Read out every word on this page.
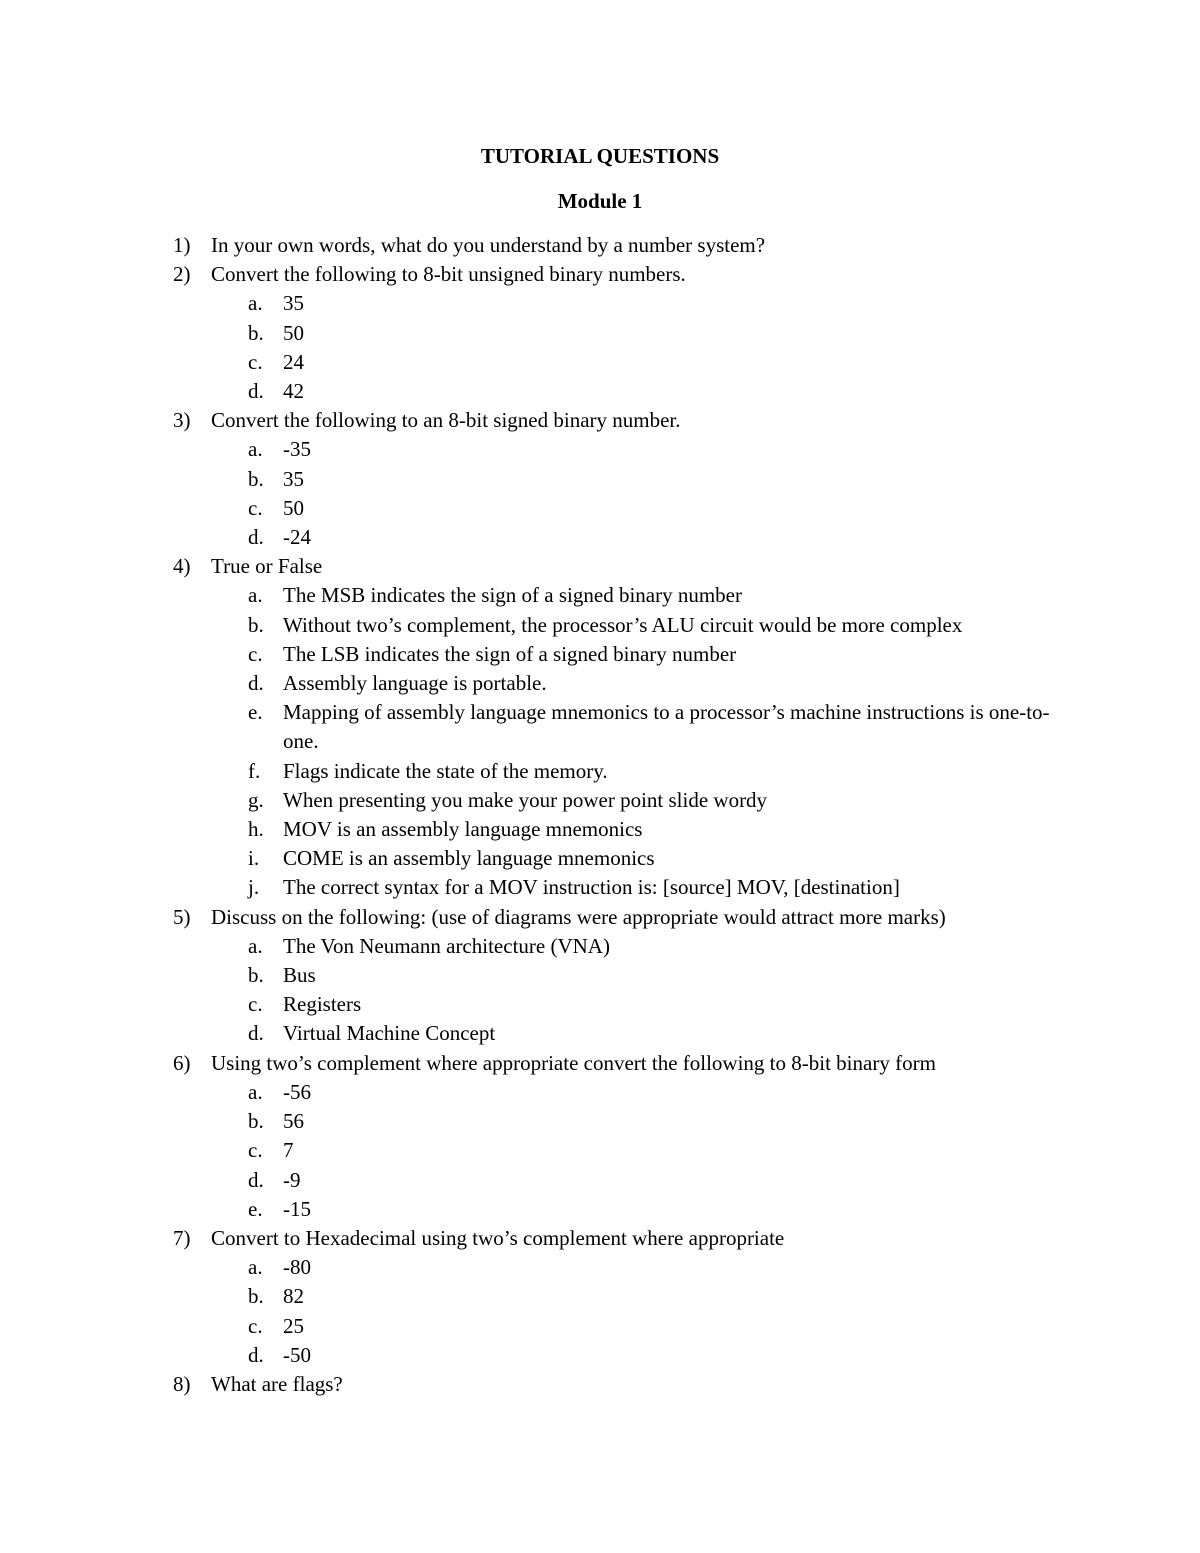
TUTORIAL QUESTIONS
Module 1
1) In your own words, what do you understand by a number system?
2) Convert the following to 8-bit unsigned binary numbers.
a. 35
b. 50
c. 24
d. 42
3) Convert the following to an 8-bit signed binary number.
a. -35
b. 35
c. 50
d. -24
4) True or False
a. The MSB indicates the sign of a signed binary number
b. Without two’s complement, the processor’s ALU circuit would be more complex
c. The LSB indicates the sign of a signed binary number
d. Assembly language is portable.
e. Mapping of assembly language mnemonics to a processor’s machine instructions is one-to-one.
f. Flags indicate the state of the memory.
g. When presenting you make your power point slide wordy
h. MOV is an assembly language mnemonics
i. COME is an assembly language mnemonics
j. The correct syntax for a MOV instruction is: [source] MOV, [destination]
5) Discuss on the following: (use of diagrams were appropriate would attract more marks)
a. The Von Neumann architecture (VNA)
b. Bus
c. Registers
d. Virtual Machine Concept
6) Using two’s complement where appropriate convert the following to 8-bit binary form
a. -56
b. 56
c. 7
d. -9
e. -15
7) Convert to Hexadecimal using two’s complement where appropriate
a. -80
b. 82
c. 25
d. -50
8) What are flags?
